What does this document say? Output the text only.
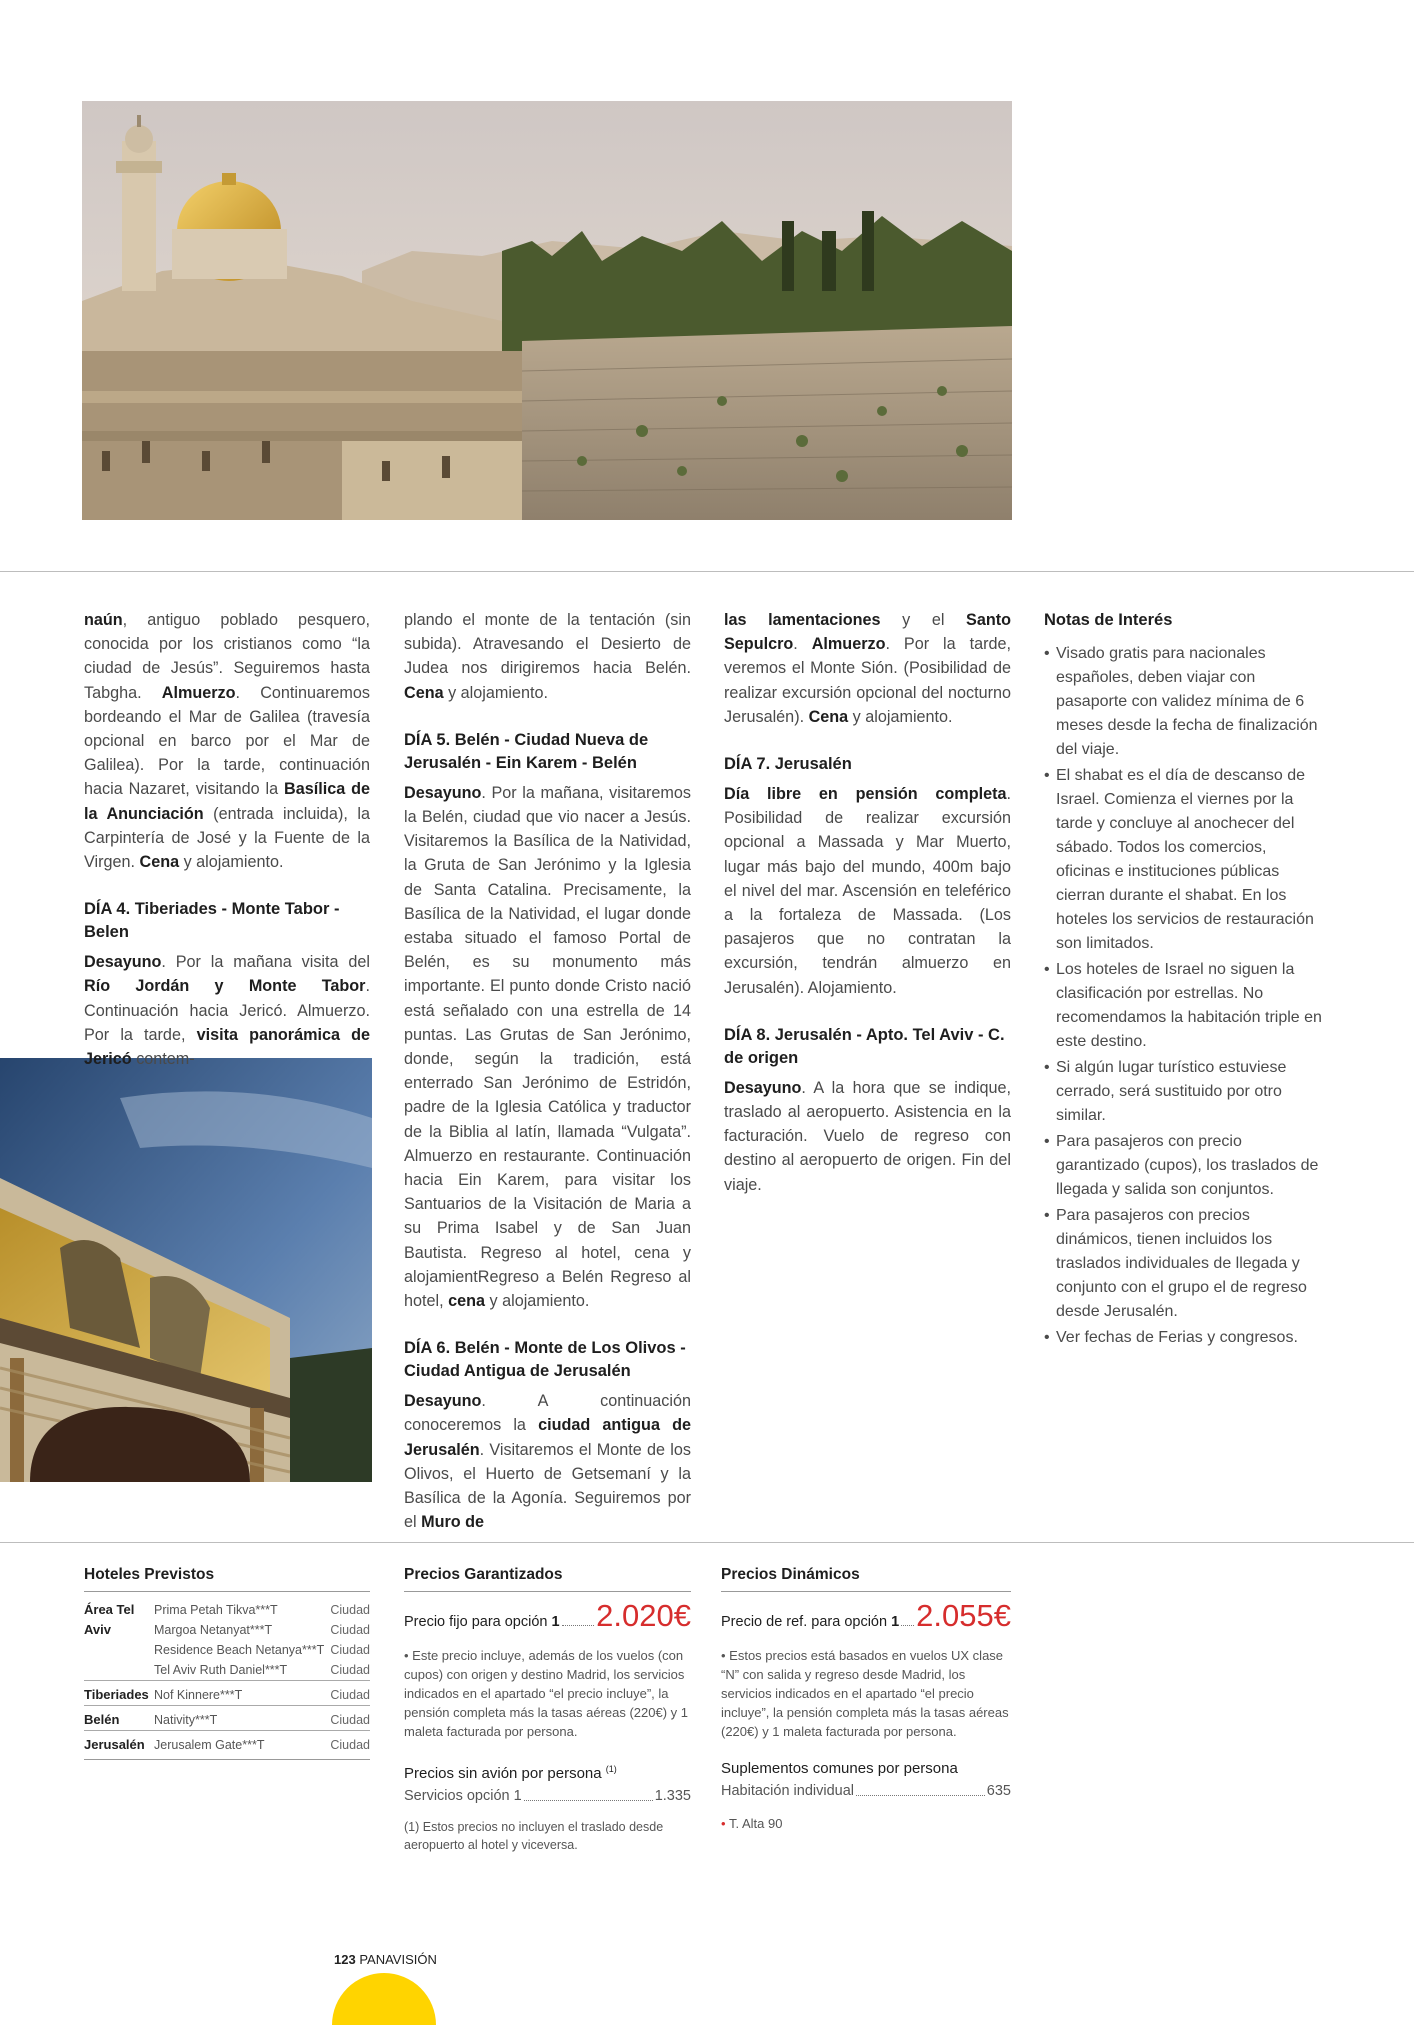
naún, antiguo poblado pesquero, conocida por los cristianos como “la ciudad de Jesús”. Seguiremos hasta Tabgha. Almuerzo. Continuaremos bordeando el Mar de Galilea (travesía opcional en barco por el Mar de Galilea). Por la tarde, continuación hacia Nazaret, visitando la Basílica de la Anunciación (entrada incluida), la Carpintería de José y la Fuente de la Virgen. Cena y alojamiento.

DÍA 4. Tiberiades - Monte Tabor - Belen

Desayuno. Por la mañana visita del Río Jordán y Monte Tabor. Continuación hacia Jericó. Almuerzo. Por la tarde, visita panorámica de Jericó contem-

plando el monte de la tentación (sin subida). Atravesando el Desierto de Judea nos dirigiremos hacia Belén. Cena y alojamiento.

DÍA 5. Belén - Ciudad Nueva de Jerusalén - Ein Karem - Belén

Desayuno. Por la mañana, visitaremos la Belén, ciudad que vio nacer a Jesús. Visitaremos la Basílica de la Natividad, la Gruta de San Jerónimo y la Iglesia de Santa Catalina. Precisamente, la Basílica de la Natividad, el lugar donde estaba situado el famoso Portal de Belén, es su monumento más importante. El punto donde Cristo nació está señalado con una estrella de 14 puntas. Las Grutas de San Jerónimo, donde, según la tradición, está enterrado San Jerónimo de Estridón, padre de la Iglesia Católica y traductor de la Biblia al latín, llamada “Vulgata”. Almuerzo en restaurante. Continuación hacia Ein Karem, para visitar los Santuarios de la Visitación de Maria a su Prima Isabel y de San Juan Bautista. Regreso al hotel, cena y alojamientRegreso a Belén Regreso al hotel, cena y alojamiento.

DÍA 6. Belén - Monte de Los Olivos - Ciudad Antigua de Jerusalén

Desayuno. A continuación conoceremos la ciudad antigua de Jerusalén. Visitaremos el Monte de los Olivos, el Huerto de Getsemaní y la Basílica de la Agonía. Seguiremos por el Muro de

las lamentaciones y el Santo Sepulcro. Almuerzo. Por la tarde, veremos el Monte Sión. (Posibilidad de realizar excursión opcional del nocturno Jerusalén). Cena y alojamiento.

DÍA 7. Jerusalén

Día libre en pensión completa. Posibilidad de realizar excursión opcional a Massada y Mar Muerto, lugar más bajo del mundo, 400m bajo el nivel del mar. Ascensión en teleférico a la fortaleza de Massada. (Los pasajeros que no contratan la excursión, tendrán almuerzo en Jerusalén). Alojamiento.

DÍA 8. Jerusalén - Apto. Tel Aviv - C. de origen

Desayuno. A la hora que se indique, traslado al aeropuerto. Asistencia en la facturación. Vuelo de regreso con destino al aeropuerto de origen. Fin del viaje.

Notas de Interés
• Visado gratis para nacionales españoles, deben viajar con pasaporte con validez mínima de 6 meses desde la fecha de finalización del viaje.
• El shabat es el día de descanso de Israel. Comienza el viernes por la tarde y concluye al anochecer del sábado. Todos los comercios, oficinas e instituciones públicas cierran durante el shabat. En los hoteles los servicios de restauración son limitados.
• Los hoteles de Israel no siguen la clasificación por estrellas. No recomendamos la habitación triple en este destino.
• Si algún lugar turístico estuviese cerrado, será sustituido por otro similar.
• Para pasajeros con precio garantizado (cupos), los traslados de llegada y salida son conjuntos.
• Para pasajeros con precios dinámicos, tienen incluidos los traslados individuales de llegada y conjunto con el grupo el de regreso desde Jerusalén.
• Ver fechas de Ferias y congresos.
Hoteles Previstos
Área Tel Aviv	Prima Petah Tikva***T	Ciudad
	Margoa Netanyat***T	Ciudad
	Residence Beach Netanya***T	Ciudad
	Tel Aviv Ruth Daniel***T	Ciudad
Tiberiades	Nof Kinnere***T	Ciudad
Belén	Nativity***T	Ciudad
Jerusalén	Jerusalem Gate***T	Ciudad
Precios Garantizados
Precio fijo para opción 1 2.020€
• Este precio incluye, además de los vuelos (con cupos) con origen y destino Madrid, los servicios indicados en el apartado “el precio incluye”, la pensión completa más la tasas aéreas (220€) y 1 maleta facturada por persona.
Precios sin avión por persona $^{(1)}$
Servicios opción 1	1.335
(1) Estos precios no incluyen el traslado desde aeropuerto al hotel y viceversa.
Precios Dinámicos
Precio de ref. para opción 1 2.055€
• Estos precios está basados en vuelos UX clase “N” con salida y regreso desde Madrid, los servicios indicados en el apartado “el precio incluye”, la pensión completa más la tasas aéreas (220€) y 1 maleta facturada por persona.
Suplementos comunes por persona
Habitación individual	635
• T. Alta 90
123 PANAVISIÓN
